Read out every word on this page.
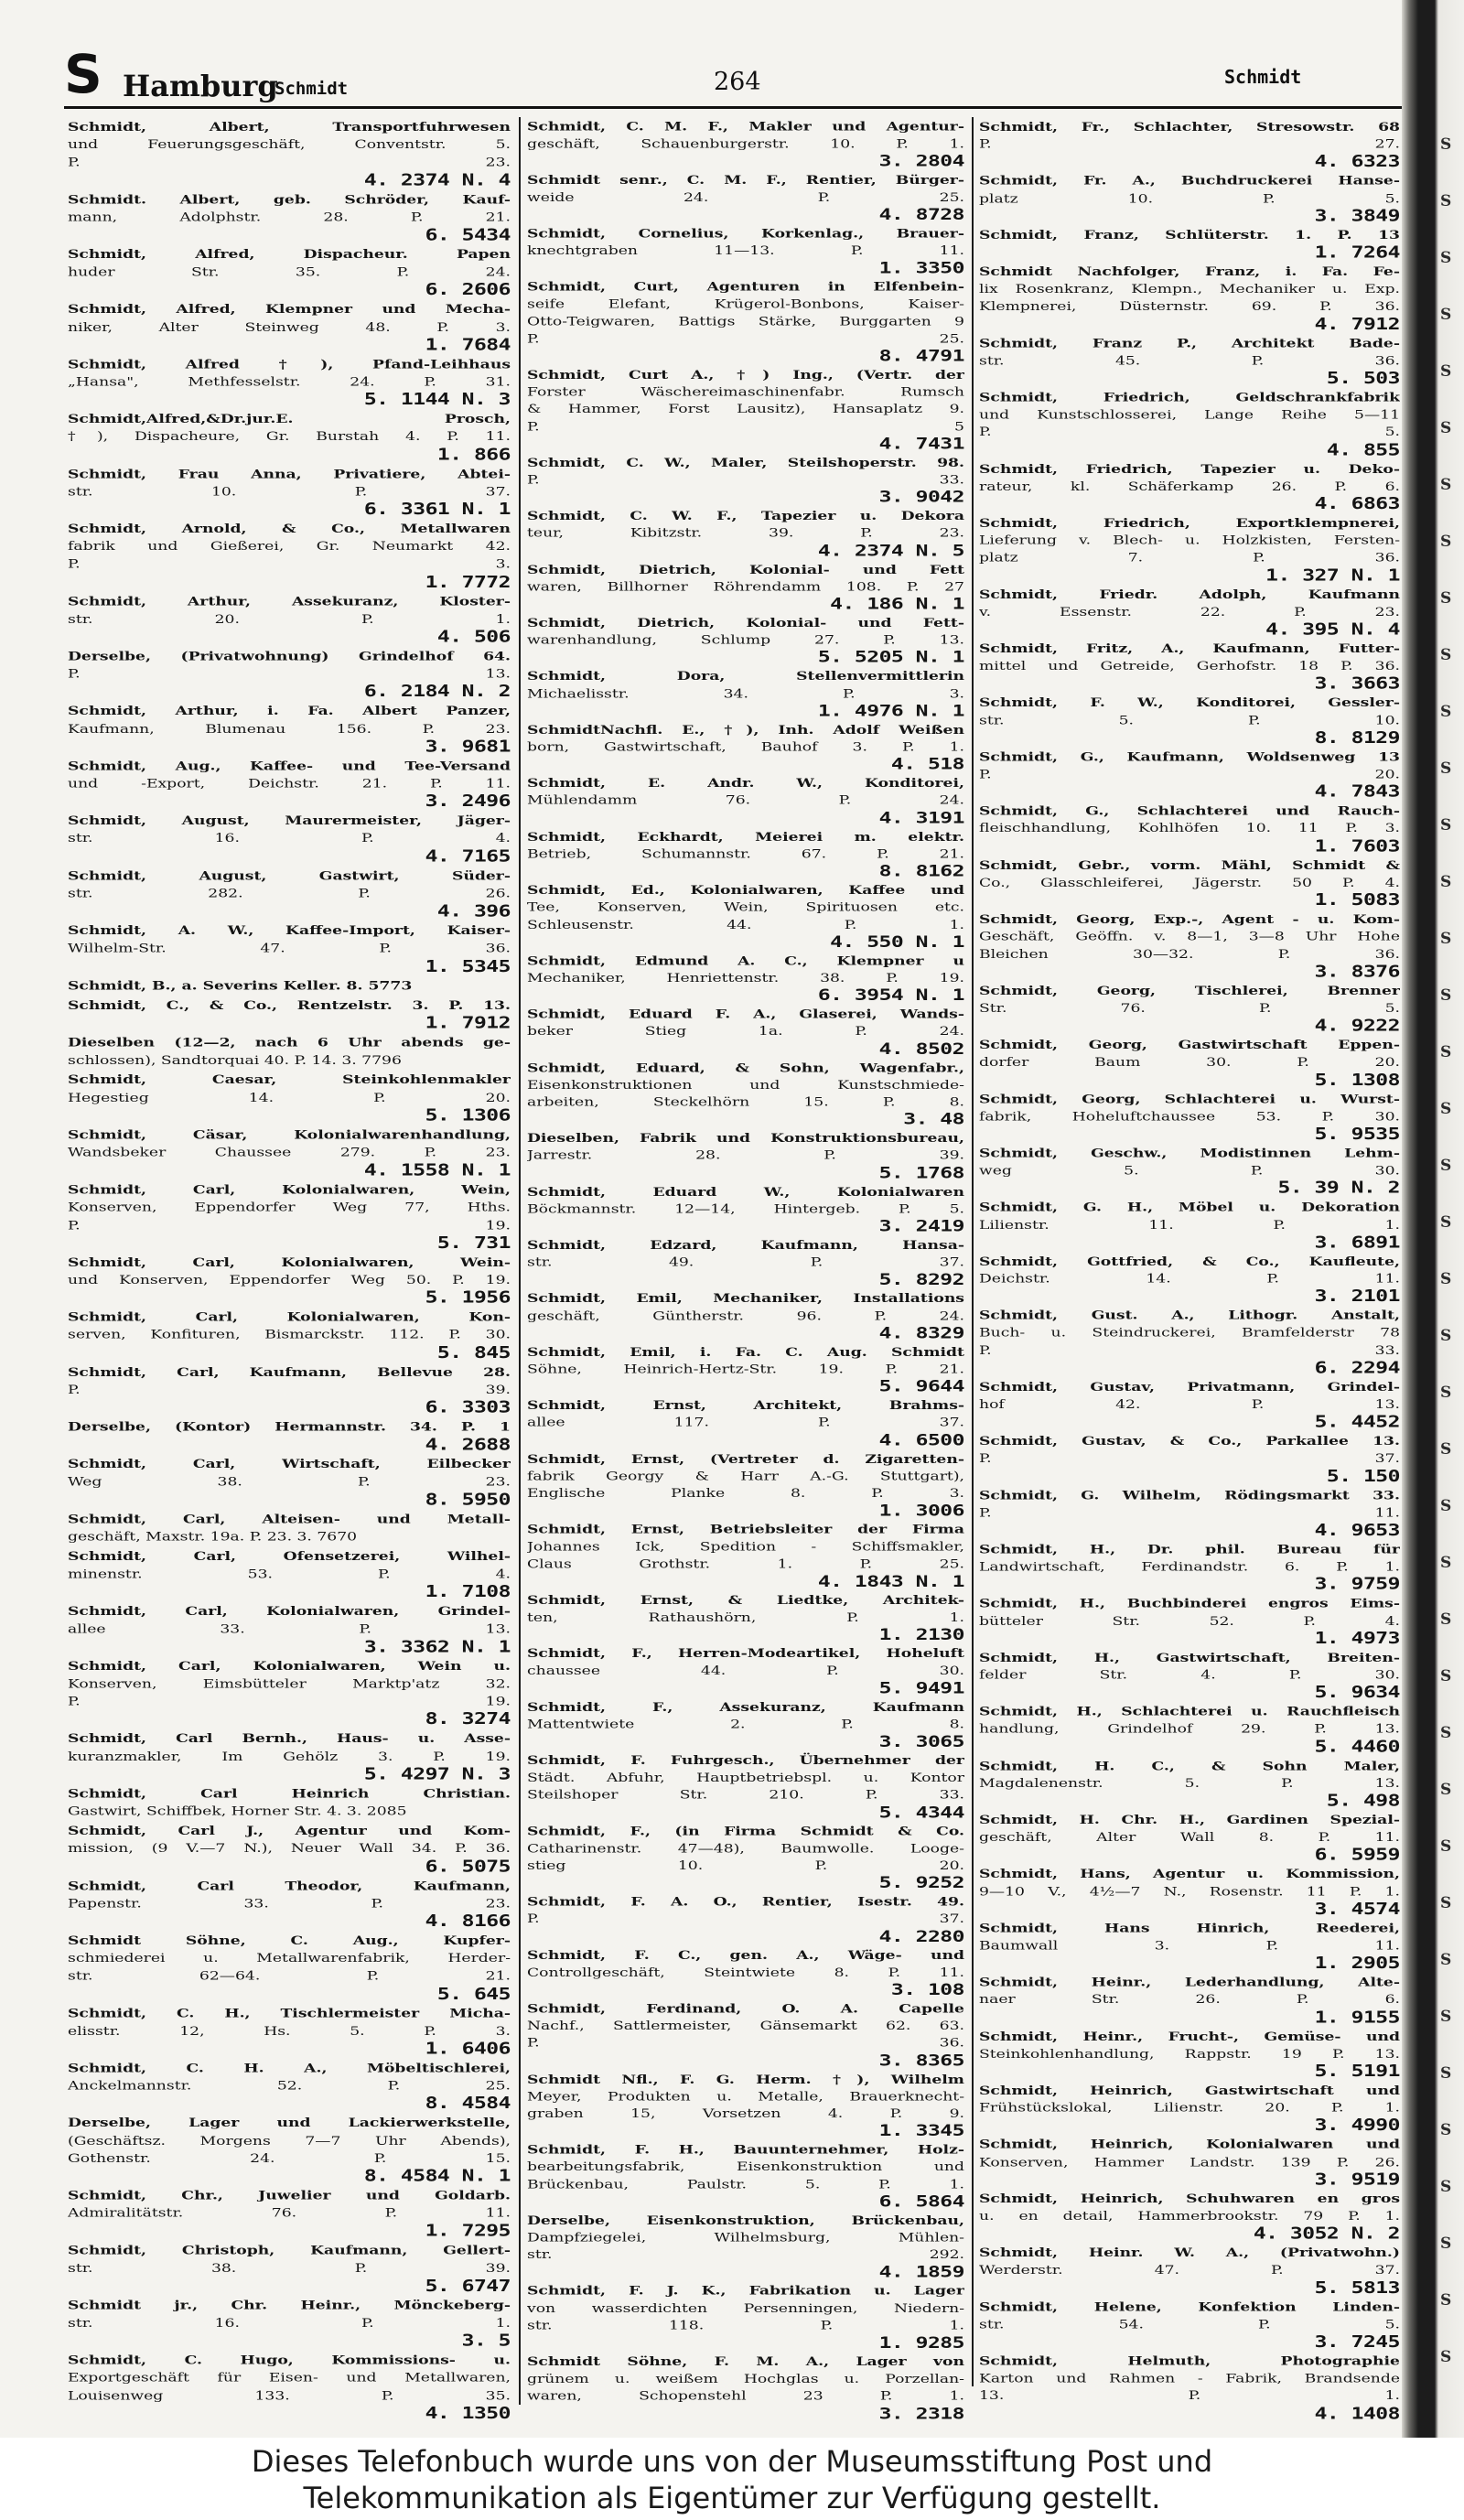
S Hamburg
Schmidt	264	Schmidt
Schmidt, Albert, Transportfuhrwesen
und Feuerungsgeschäft, Conventstr. 5.
P. 23.
4. 2374 N. 4
Schmidt. Albert, geb. Schröder, Kauf-
mann, Adolphstr. 28. P. 21.
6. 5434
Schmidt, Alfred, Dispacheur. Papen
huder Str. 35. P. 24.
6. 2606
Schmidt, Alfred, Klempner und Mecha-
niker, Alter Steinweg 48. P. 3.
1. 7684
Schmidt, Alfred †), Pfand-Leihhaus
„Hansa", Methfesselstr. 24. P. 31.
5. 1144 N. 3
Schmidt,Alfred,&Dr.jur.E. Prosch,
†), Dispacheure, Gr. Burstah 4. P. 11.
1. 866
Schmidt, Frau Anna, Privatiere, Abtei-
str. 10. P. 37.
6. 3361 N. 1
Schmidt, Arnold, & Co., Metallwaren
fabrik und Gießerei, Gr. Neumarkt 42.
P. 3.
1. 7772
Schmidt, Arthur, Assekuranz, Kloster-
str. 20. P. 1.
4. 506
Derselbe, (Privatwohnung) Grindelhof 64.
P. 13.
6. 2184 N. 2
Schmidt, Arthur, i. Fa. Albert Panzer,
Kaufmann, Blumenau 156. P. 23.
3. 9681
Schmidt, Aug., Kaffee- und Tee-Versand
und -Export, Deichstr. 21. P. 11.
3. 2496
Schmidt, August, Maurermeister, Jäger-
str. 16. P. 4.
4. 7165
Schmidt, August, Gastwirt, Süder-
str. 282. P. 26.
4. 396
Schmidt, A. W., Kaffee-Import, Kaiser-
Wilhelm-Str. 47. P. 36.
1. 5345
Schmidt, B., a. Severins Keller. 8. 5773
Schmidt, C., & Co., Rentzelstr. 3. P. 13.
1. 7912
Dieselben (12—2, nach 6 Uhr abends ge-
schlossen), Sandtorquai 40. P. 14. 3. 7796
Schmidt, Caesar, Steinkohlenmakler
Hegestieg 14. P. 20.
5. 1306
Schmidt, Cäsar, Kolonialwarenhandlung,
Wandsbeker Chaussee 279. P. 23.
4. 1558 N. 1
Schmidt, Carl, Kolonialwaren, Wein,
Konserven, Eppendorfer Weg 77, Hths.
P. 19.
5. 731
Schmidt, Carl, Kolonialwaren, Wein-
und Konserven, Eppendorfer Weg 50. P. 19.
5. 1956
Schmidt, Carl, Kolonialwaren, Kon-
serven, Konfituren, Bismarckstr. 112. P. 30.
5. 845
Schmidt, Carl, Kaufmann, Bellevue 28.
P. 39.
6. 3303
Derselbe, (Kontor) Hermannstr. 34. P. 1
4. 2688
Schmidt, Carl, Wirtschaft, Eilbecker
Weg 38. P. 23.
8. 5950
Schmidt, Carl, Alteisen- und Metall-
geschäft, Maxstr. 19a. P. 23. 3. 7670
Schmidt, Carl, Ofensetzerei, Wilhel-
minenstr. 53. P. 4.
1. 7108
Schmidt, Carl, Kolonialwaren, Grindel-
allee 33. P. 13.
3. 3362 N. 1
Schmidt, Carl, Kolonialwaren, Wein u.
Konserven, Eimsbütteler Marktp'atz 32.
P. 19.
8. 3274
Schmidt, Carl Bernh., Haus- u. Asse-
kuranzmakler, Im Gehölz 3. P. 19.
5. 4297 N. 3
Schmidt, Carl Heinrich Christian.
Gastwirt, Schiffbek, Horner Str. 4. 3. 2085
Schmidt, Carl J., Agentur und Kom-
mission, (9 V.—7 N.), Neuer Wall 34. P. 36.
6. 5075
Schmidt, Carl Theodor, Kaufmann,
Papenstr. 33. P. 23.
4. 8166
Schmidt Söhne, C. Aug., Kupfer-
schmiederei u. Metallwarenfabrik, Herder-
str. 62—64. P. 21.
5. 645
Schmidt, C. H., Tischlermeister Micha-
elisstr. 12, Hs. 5. P. 3.
1. 6406
Schmidt, C. H. A., Möbeltischlerei,
Anckelmannstr. 52. P. 25.
8. 4584
Derselbe, Lager und Lackierwerkstelle,
(Geschäftsz. Morgens 7—7 Uhr Abends),
Gothenstr. 24. P. 15.
8. 4584 N. 1
Schmidt, Chr., Juwelier und Goldarb.
Admiralitätstr. 76. P. 11.
1. 7295
Schmidt, Christoph, Kaufmann, Gellert-
str. 38. P. 39.
5. 6747
Schmidt jr., Chr. Heinr., Mönckeberg-
str. 16. P. 1.
3. 5
Schmidt, C. Hugo, Kommissions- u.
Exportgeschäft für Eisen- und Metallwaren,
Louisenweg 133. P. 35.
4. 1350
Schmidt, C. M. F., Makler und Agentur-
geschäft, Schauenburgerstr. 10. P. 1.
3. 2804
Schmidt senr., C. M. F., Rentier, Bürger-
weide 24. P. 25.
4. 8728
Schmidt, Cornelius, Korkenlag., Brauer-
knechtgraben 11—13. P. 11.
1. 3350
Schmidt, Curt, Agenturen in Elfenbein-
seife Elefant, Krügerol-Bonbons, Kaiser-
Otto-Teigwaren, Battigs Stärke, Burggarten 9
P. 25.
8. 4791
Schmidt, Curt A., †) Ing., (Vertr. der
Forster Wäschereimaschinenfabr. Rumsch
& Hammer, Forst Lausitz), Hansaplatz 9.
P. 5
4. 7431
Schmidt, C. W., Maler, Steilshoperstr. 98.
P. 33.
3. 9042
Schmidt, C. W. F., Tapezier u. Dekora
teur, Kibitzstr. 39. P. 23.
4. 2374 N. 5
Schmidt, Dietrich, Kolonial- und Fett
waren, Billhorner Röhrendamm 108. P. 27
4. 186 N. 1
Schmidt, Dietrich, Kolonial- und Fett-
warenhandlung, Schlump 27. P. 13.
5. 5205 N. 1
Schmidt, Dora, Stellenvermittlerin
Michaelisstr. 34. P. 3.
1. 4976 N. 1
SchmidtNachfl. E., †), Inh. Adolf Weißen
born, Gastwirtschaft, Bauhof 3. P. 1.
4. 518
Schmidt, E. Andr. W., Konditorei,
Mühlendamm 76. P. 24.
4. 3191
Schmidt, Eckhardt, Meierei m. elektr.
Betrieb, Schumannstr. 67. P. 21.
8. 8162
Schmidt, Ed., Kolonialwaren, Kaffee und
Tee, Konserven, Wein, Spirituosen etc.
Schleusenstr. 44. P. 1.
4. 550 N. 1
Schmidt, Edmund A. C., Klempner u
Mechaniker, Henriettenstr. 38. P. 19.
6. 3954 N. 1
Schmidt, Eduard F. A., Glaserei, Wands-
beker Stieg 1a. P. 24.
4. 8502
Schmidt, Eduard, & Sohn, Wagenfabr.,
Eisenkonstruktionen und Kunstschmiede-
arbeiten, Steckelhörn 15. P. 8.
3. 48
Dieselben, Fabrik und Konstruktionsbureau,
Jarrestr. 28. P. 39.
5. 1768
Schmidt, Eduard W., Kolonialwaren
Böckmannstr. 12—14, Hintergeb. P. 5.
3. 2419
Schmidt, Edzard, Kaufmann, Hansa-
str. 49. P. 37.
5. 8292
Schmidt, Emil, Mechaniker, Installations
geschäft, Güntherstr. 96. P. 24.
4. 8329
Schmidt, Emil, i. Fa. C. Aug. Schmidt
Söhne, Heinrich-Hertz-Str. 19. P. 21.
5. 9644
Schmidt, Ernst, Architekt, Brahms-
allee 117. P. 37.
4. 6500
Schmidt, Ernst, (Vertreter d. Zigaretten-
fabrik Georgy & Harr A.-G. Stuttgart),
Englische Planke 8. P. 3.
1. 3006
Schmidt, Ernst, Betriebsleiter der Firma
Johannes Ick, Spedition - Schiffsmakler,
Claus Grothstr. 1. P. 25.
4. 1843 N. 1
Schmidt, Ernst, & Liedtke, Architek-
ten, Rathaushörn, P. 1.
1. 2130
Schmidt, F., Herren-Modeartikel, Hoheluft
chaussee 44. P. 30.
5. 9491
Schmidt, F., Assekuranz, Kaufmann
Mattentwiete 2. P. 8.
3. 3065
Schmidt, F. Fuhrgesch., Übernehmer der
Städt. Abfuhr, Hauptbetriebspl. u. Kontor
Steilshoper Str. 210. P. 33.
5. 4344
Schmidt, F., (in Firma Schmidt & Co.
Catharinenstr. 47—48), Baumwolle. Looge-
stieg 10. P. 20.
5. 9252
Schmidt, F. A. O., Rentier, Isestr. 49.
P. 37.
4. 2280
Schmidt, F. C., gen. A., Wäge- und
Controllgeschäft, Steintwiete 8. P. 11.
3. 108
Schmidt, Ferdinand, O. A. Capelle
Nachf., Sattlermeister, Gänsemarkt 62. 63.
P. 36.
3. 8365
Schmidt Nfl., F. G. Herm. †), Wilhelm
Meyer, Produkten u. Metalle, Brauerknecht-
graben 15, Vorsetzen 4. P. 9.
1. 3345
Schmidt, F. H., Bauunternehmer, Holz-
bearbeitungsfabrik, Eisenkonstruktion und
Brückenbau, Paulstr. 5. P. 1.
6. 5864
Derselbe, Eisenkonstruktion, Brückenbau,
Dampfziegelei, Wilhelmsburg, Mühlen-
str. 292.
4. 1859
Schmidt, F. J. K., Fabrikation u. Lager
von wasserdichten Persenningen, Niedern-
str. 118. P. 1.
1. 9285
Schmidt Söhne, F. M. A., Lager von
grünem u. weißem Hochglas u. Porzellan-
waren, Schopenstehl 23 P. 1.
3. 2318
Schmidt, Fr., Schlachter, Stresowstr. 68
P. 27.
4. 6323
Schmidt, Fr. A., Buchdruckerei Hanse-
platz 10. P. 5.
3. 3849
Schmidt, Franz, Schlüterstr. 1. P. 13
1. 7264
Schmidt Nachfolger, Franz, i. Fa. Fe-
lix Rosenkranz, Klempn., Mechaniker u. Exp.
Klempnerei, Düsternstr. 69. P. 36.
4. 7912
Schmidt, Franz P., Architekt Bade-
str. 45. P. 36.
5. 503
Schmidt, Friedrich, Geldschrankfabrik
und Kunstschlosserei, Lange Reihe 5—11
P. 5.
4. 855
Schmidt, Friedrich, Tapezier u. Deko-
rateur, kl. Schäferkamp 26. P. 6.
4. 6863
Schmidt, Friedrich, Exportklempnerei,
Lieferung v. Blech- u. Holzkisten, Fersten-
platz 7. P. 36.
1. 327 N. 1
Schmidt, Friedr. Adolph, Kaufmann
v. Essenstr. 22. P. 23.
4. 395 N. 4
Schmidt, Fritz, A., Kaufmann, Futter-
mittel und Getreide, Gerhofstr. 18 P. 36.
3. 3663
Schmidt, F. W., Konditorei, Gessler-
str. 5. P. 10.
8. 8129
Schmidt, G., Kaufmann, Woldsenweg 13
P. 20.
4. 7843
Schmidt, G., Schlachterei und Rauch-
fleischhandlung, Kohlhöfen 10. 11 P. 3.
1. 7603
Schmidt, Gebr., vorm. Mähl, Schmidt &
Co., Glasschleiferei, Jägerstr. 50 P. 4.
1. 5083
Schmidt, Georg, Exp.-, Agent - u. Kom-
Geschäft, Geöffn. v. 8—1, 3—8 Uhr Hohe
Bleichen 30—32. P. 36.
3. 8376
Schmidt, Georg, Tischlerei, Brenner
Str. 76. P. 5.
4. 9222
Schmidt, Georg, Gastwirtschaft Eppen-
dorfer Baum 30. P. 20.
5. 1308
Schmidt, Georg, Schlachterei u. Wurst-
fabrik, Hoheluftchaussee 53. P. 30.
5. 9535
Schmidt, Geschw., Modistinnen Lehm-
weg 5. P. 30.
5. 39 N. 2
Schmidt, G. H., Möbel u. Dekoration
Lilienstr. 11. P. 1.
3. 6891
Schmidt, Gottfried, & Co., Kaufleute,
Deichstr. 14. P. 11.
3. 2101
Schmidt, Gust. A., Lithogr. Anstalt,
Buch- u. Steindruckerei, Bramfelderstr 78
P. 33.
6. 2294
Schmidt, Gustav, Privatmann, Grindel-
hof 42. P. 13.
5. 4452
Schmidt, Gustav, & Co., Parkallee 13.
P. 37.
5. 150
Schmidt, G. Wilhelm, Rödingsmarkt 33.
P. 11.
4. 9653
Schmidt, H., Dr. phil. Bureau für
Landwirtschaft, Ferdinandstr. 6. P. 1.
3. 9759
Schmidt, H., Buchbinderei engros Eims-
bütteler Str. 52. P. 4.
1. 4973
Schmidt, H., Gastwirtschaft, Breiten-
felder Str. 4. P. 30.
5. 9634
Schmidt, H., Schlachterei u. Rauchfleisch
handlung, Grindelhof 29. P. 13.
5. 4460
Schmidt, H. C., & Sohn Maler,
Magdalenenstr. 5. P. 13.
5. 498
Schmidt, H. Chr. H., Gardinen Spezial-
geschäft, Alter Wall 8. P. 11.
6. 5959
Schmidt, Hans, Agentur u. Kommission,
9—10 V., 4½—7 N., Rosenstr. 11 P. 1.
3. 4574
Schmidt, Hans Hinrich, Reederei,
Baumwall 3. P. 11.
1. 2905
Schmidt, Heinr., Lederhandlung, Alte-
naer Str. 26. P. 6.
1. 9155
Schmidt, Heinr., Frucht-, Gemüse- und
Steinkohlenhandlung, Rappstr. 19 P. 13.
5. 5191
Schmidt, Heinrich, Gastwirtschaft und
Frühstückslokal, Lilienstr. 20. P. 1.
3. 4990
Schmidt, Heinrich, Kolonialwaren und
Konserven, Hammer Landstr. 139 P. 26.
3. 9519
Schmidt, Heinrich, Schuhwaren en gros
u. en detail, Hammerbrookstr. 79 P. 1.
4. 3052 N. 2
Schmidt, Heinr. W. A., (Privatwohn.)
Werderstr. 47. P. 37.
5. 5813
Schmidt, Helene, Konfektion Linden-
str. 54. P. 5.
3. 7245
Schmidt, Helmuth, Photographie
Karton und Rahmen - Fabrik, Brandsende
13. P. 1.
4. 1408
S
S
S
S
S
S
S
S
S
S
S
S
S
S
S
S
S
S
S
S
S
S
S
S
S
S
S
S
S
S
S
S
S
S
S
S
S
S
S
S
Dieses Telefonbuch wurde uns von der Museumsstiftung Post und
Telekommunikation als Eigentümer zur Verfügung gestellt.
